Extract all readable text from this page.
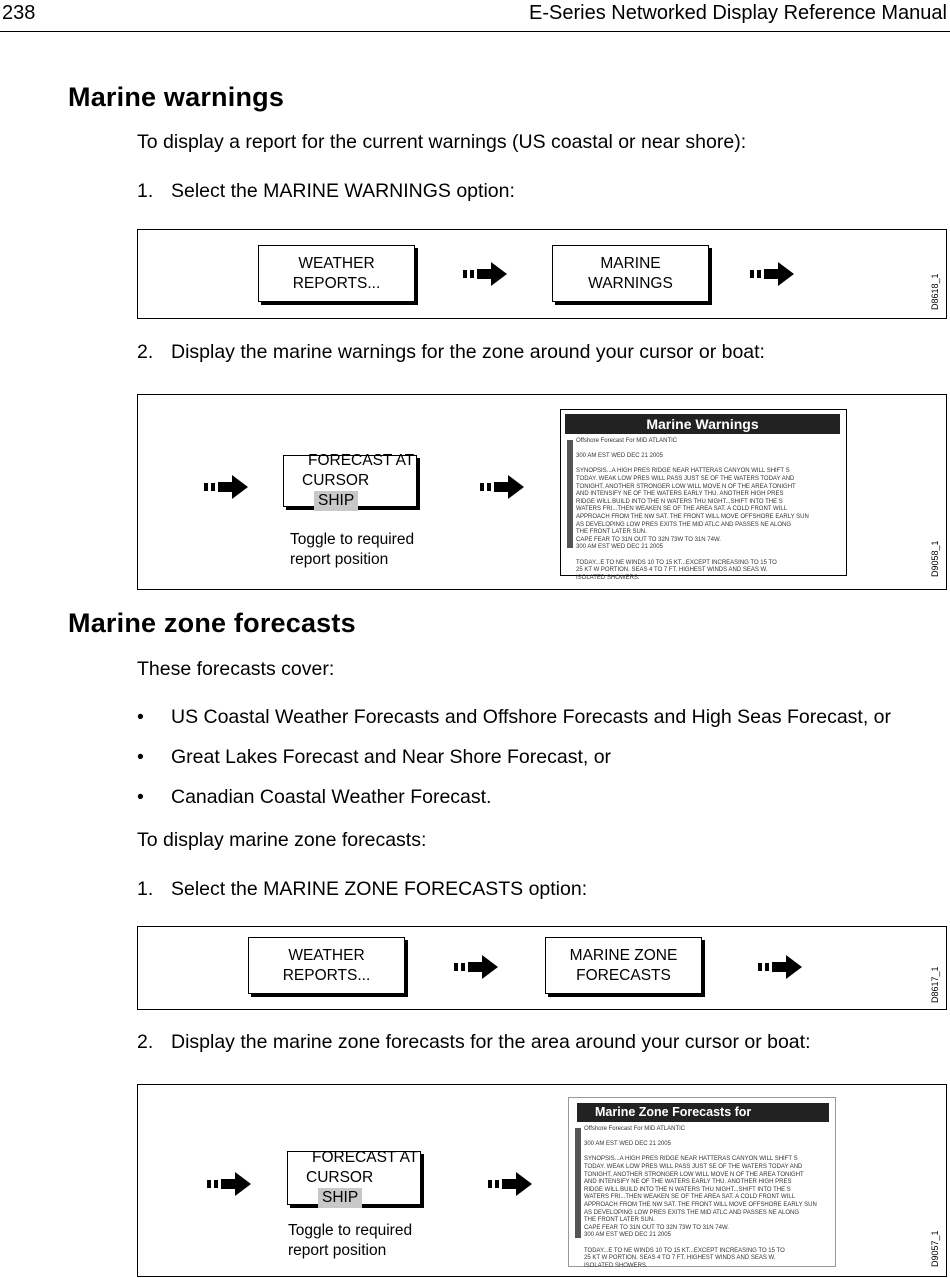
238	E-Series Networked Display Reference Manual
Marine warnings
To display a report for the current warnings (US coastal or near shore):
1. Select the MARINE WARNINGS option:
WEATHER
REPORTS...
MARINE
WARNINGS	D8618_1
2. Display the marine warnings for the zone around your cursor or boat:
FORECAST AT
CURSORSHIP
Toggle to required
report position
Marine Warnings
Offshore Forecast For MID ATLANTIC

300 AM EST WED DEC 21 2005

SYNOPSIS...A HIGH PRES RIDGE NEAR HATTERAS CANYON WILL SHIFT S
TODAY. WEAK LOW PRES WILL PASS JUST SE OF THE WATERS TODAY AND
TONIGHT. ANOTHER STRONGER LOW WILL MOVE N OF THE AREA TONIGHT
AND INTENSIFY NE OF THE WATERS EARLY THU. ANOTHER HIGH PRES
RIDGE WILL BUILD INTO THE N WATERS THU NIGHT...SHIFT INTO THE S
WATERS FRI...THEN WEAKEN SE OF THE AREA SAT. A COLD FRONT WILL
APPROACH FROM THE NW SAT. THE FRONT WILL MOVE OFFSHORE EARLY SUN
AS DEVELOPING LOW PRES EXITS THE MID ATLC AND PASSES NE ALONG
THE FRONT LATER SUN.
CAPE FEAR TO 31N OUT TO 32N 73W TO 31N 74W.
300 AM EST WED DEC 21 2005

TODAY...E TO NE WINDS 10 TO 15 KT...EXCEPT INCREASING TO 15 TO
25 KT W PORTION. SEAS 4 TO 7 FT. HIGHEST WINDS AND SEAS W.
ISOLATED SHOWERS.
D9058_1
Marine zone forecasts
These forecasts cover:
• US Coastal Weather Forecasts and Offshore Forecasts and High Seas Forecast, or
• Great Lakes Forecast and Near Shore Forecast, or
• Canadian Coastal Weather Forecast.
To display marine zone forecasts:
1. Select the MARINE ZONE FORECASTS option:
WEATHER
REPORTS...
MARINE ZONE
FORECASTS	D8617_1
2. Display the marine zone forecasts for the area around your cursor or boat:
FORECAST AT
CURSORSHIP
Toggle to required
report position
Marine Zone Forecasts for
Offshore Forecast For MID ATLANTIC

300 AM EST WED DEC 21 2005

SYNOPSIS...A HIGH PRES RIDGE NEAR HATTERAS CANYON WILL SHIFT S
TODAY. WEAK LOW PRES WILL PASS JUST SE OF THE WATERS TODAY AND
TONIGHT. ANOTHER STRONGER LOW WILL MOVE N OF THE AREA TONIGHT
AND INTENSIFY NE OF THE WATERS EARLY THU. ANOTHER HIGH PRES
RIDGE WILL BUILD INTO THE N WATERS THU NIGHT...SHIFT INTO THE S
WATERS FRI...THEN WEAKEN SE OF THE AREA SAT. A COLD FRONT WILL
APPROACH FROM THE NW SAT. THE FRONT WILL MOVE OFFSHORE EARLY SUN
AS DEVELOPING LOW PRES EXITS THE MID ATLC AND PASSES NE ALONG
THE FRONT LATER SUN.
CAPE FEAR TO 31N OUT TO 32N 73W TO 31N 74W.
300 AM EST WED DEC 21 2005

TODAY...E TO NE WINDS 10 TO 15 KT...EXCEPT INCREASING TO 15 TO
25 KT W PORTION. SEAS 4 TO 7 FT. HIGHEST WINDS AND SEAS W.
ISOLATED SHOWERS.	D9057_1
